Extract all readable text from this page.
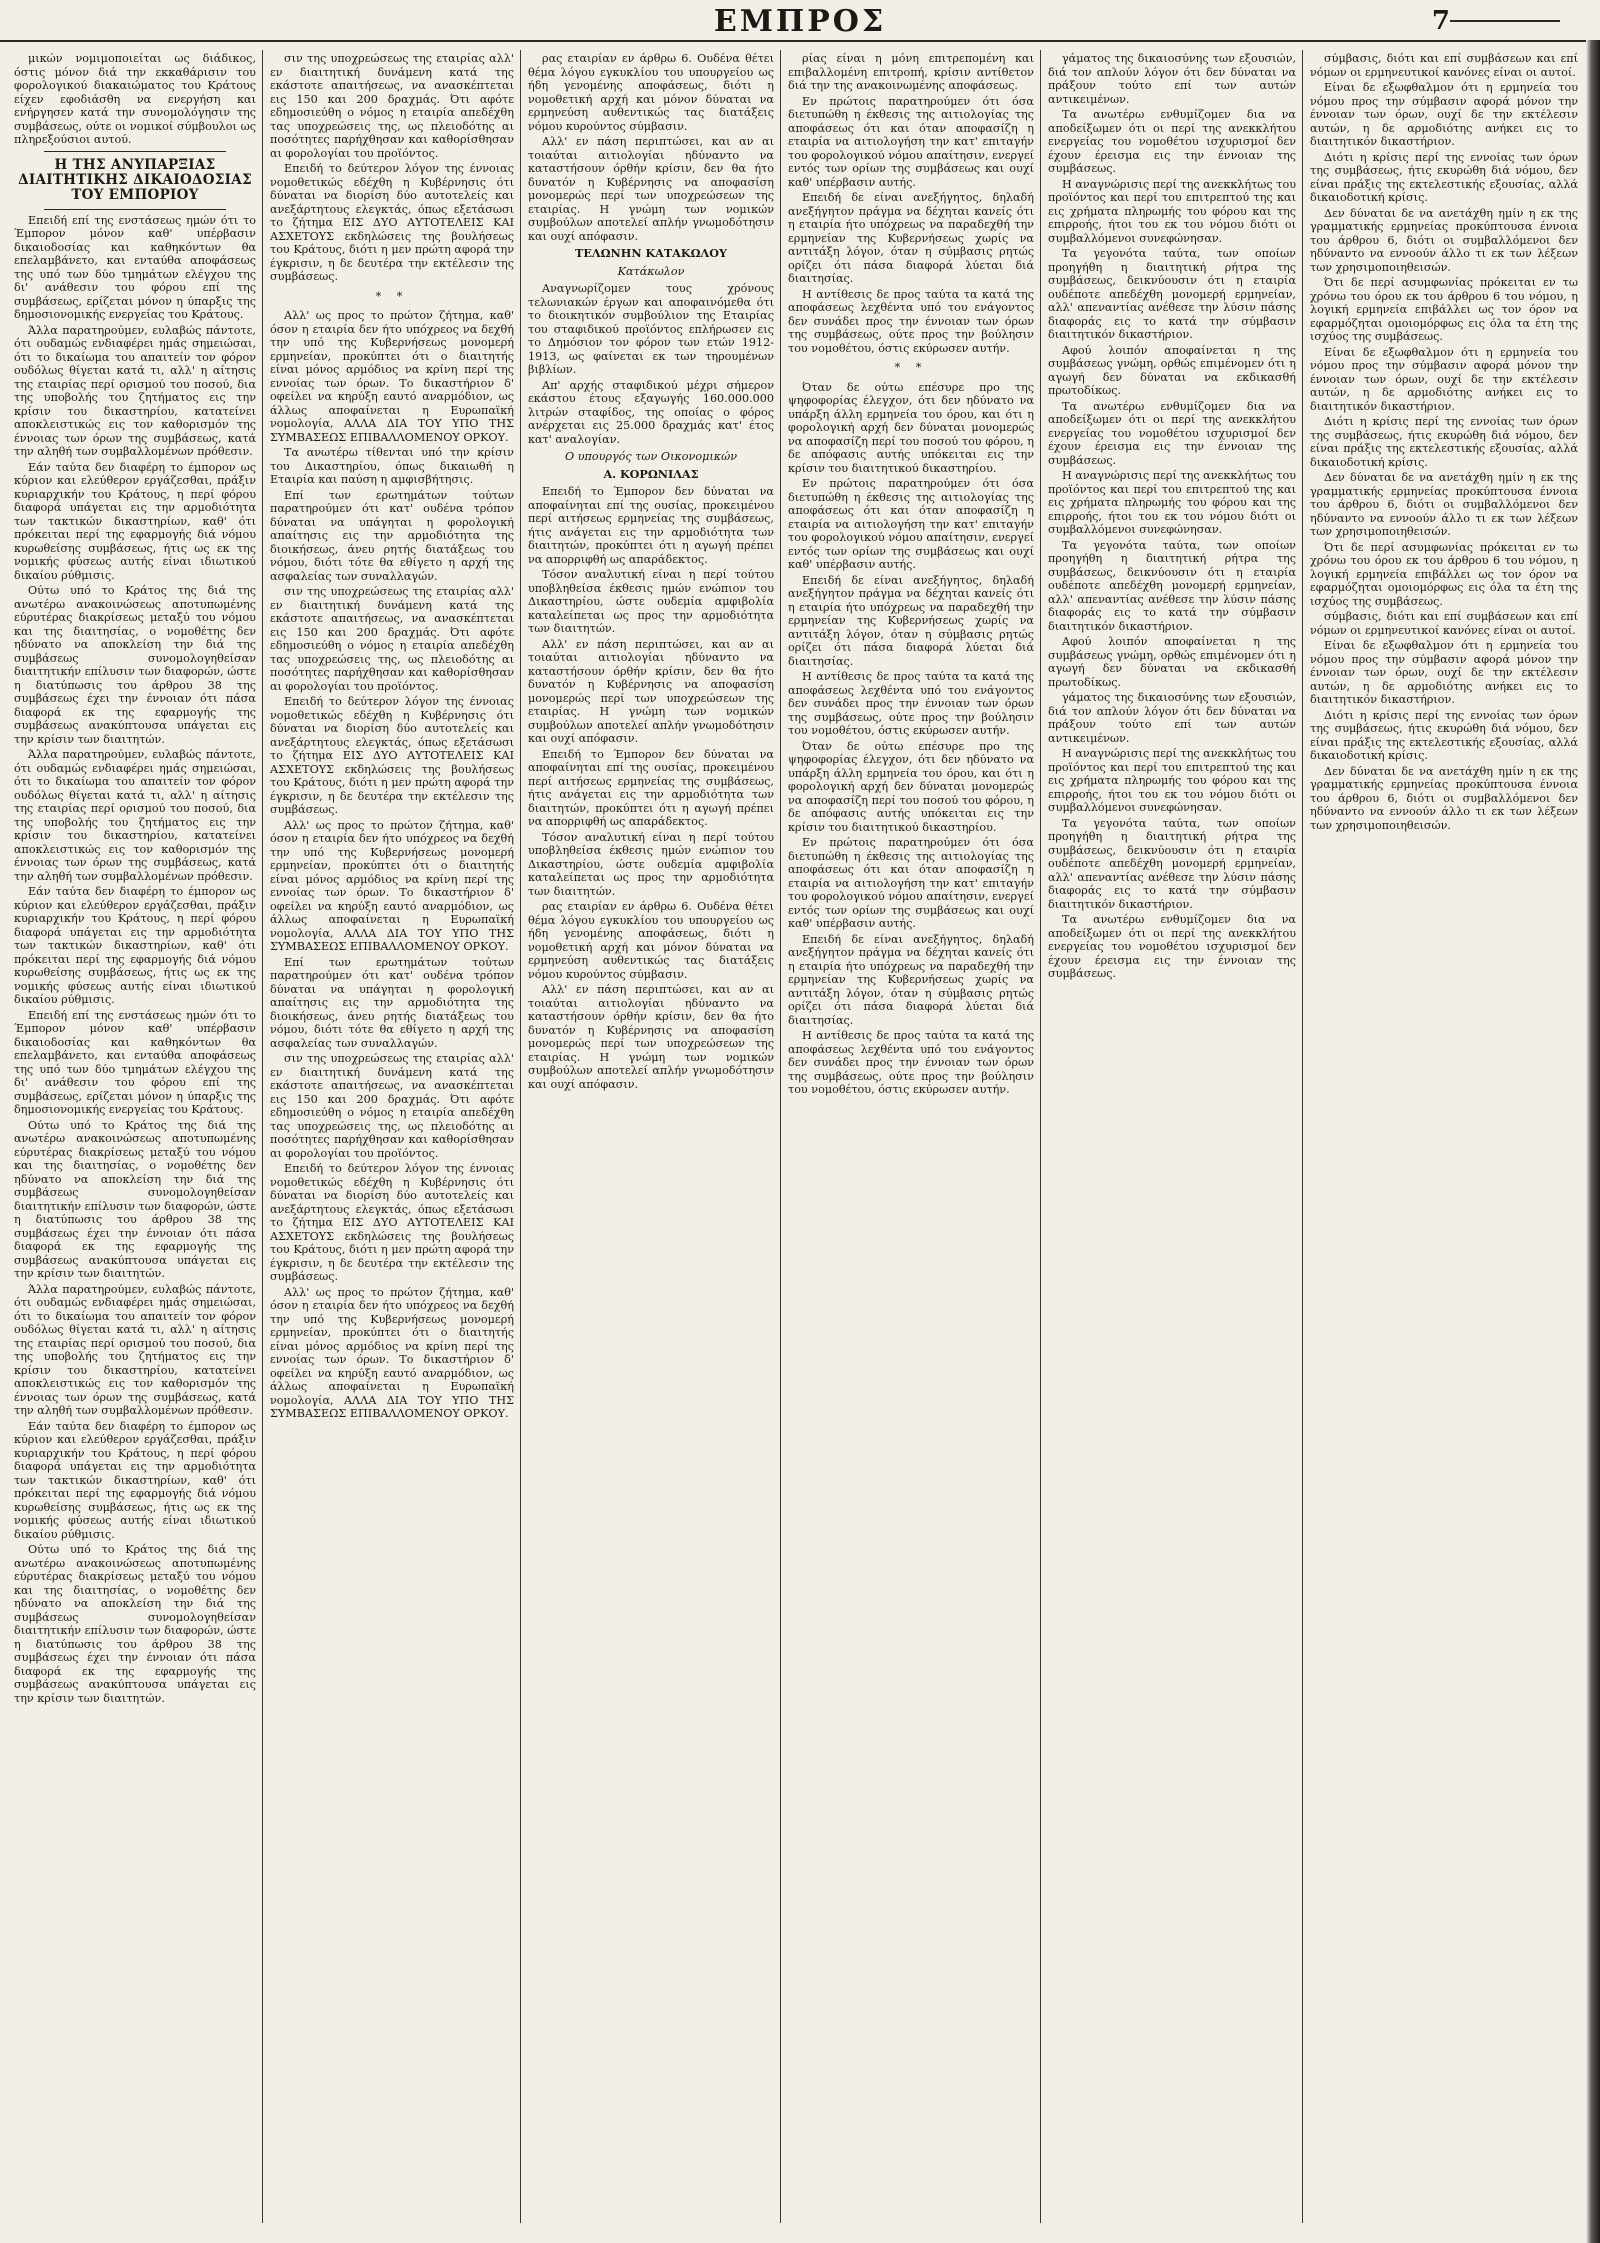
ΕΜΠΡΟΣ	7

μικών νομιμοποιείται ως διάδικος, όστις μόνον διά την εκκαθάρισιν του φορολογικού διακαιώματος του Κράτους είχεν εφοδιάσθη να ενεργήση και ενήργησεν κατά την συνομολόγησιν της συμβάσεως, ούτε οι νομικοί σύμβουλοι ως πληρεξούσιοι αυτού.

Η ΤΗΣ ΑΝΥΠΑΡΞΙΑΣ ΔΙΑΙΤΗΤΙΚΗΣ ΔΙΚΑΙΟΔΟΣΙΑΣ ΤΟΥ ΕΜΠΟΡΙΟΥ

Επειδή επί της ενστάσεως ημών ότι το Έμπορον μόνον καθ' υπέρβασιν δικαιοδοσίας και καθηκόντων θα επελαμβάνετο, και ενταύθα αποφάσεως της υπό των δύο τμημάτων ελέγχου της δι' ανάθεσιν του φόρου επί της συμβάσεως, ερίζεται μόνον η ύπαρξις της δημοσιονομικής ενεργείας του Κράτους.

Άλλα παρατηρούμεν, ευλαβώς πάντοτε, ότι ουδαμώς ενδιαφέρει ημάς σημειώσαι, ότι το δικαίωμα του απαιτείν τον φόρον ουδόλως θίγεται κατά τι, αλλ' η αίτησις της εταιρίας περί ορισμού του ποσού, δια της υποβολής του ζητήματος εις την κρίσιν του δικαστηρίου, κατατείνει αποκλειστικώς εις τον καθορισμόν της έννοιας των όρων της συμβάσεως, κατά την αληθή των συμβαλλομένων πρόθεσιν.

Εάν ταύτα δεν διαφέρη το έμπορον ως κύριον και ελεύθερον εργάζεσθαι, πράξιν κυριαρχικήν του Κράτους, η περί φόρου διαφορά υπάγεται εις την αρμοδιότητα των τακτικών δικαστηρίων, καθ' ότι πρόκειται περί της εφαρμογής διά νόμου κυρωθείσης συμβάσεως, ήτις ως εκ της νομικής φύσεως αυτής είναι ιδιωτικού δικαίου ρύθμισις.

Ούτω υπό το Κράτος της διά της ανωτέρω ανακοινώσεως αποτυπωμένης εύρυτέρας διακρίσεως μεταξύ του νόμου και της διαιτησίας, ο νομοθέτης δεν ηδύνατο να αποκλείση την διά της συμβάσεως συνομολογηθείσαν διαιτητικήν επίλυσιν των διαφορών, ώστε η διατύπωσις του άρθρου 38 της συμβάσεως έχει την έννοιαν ότι πάσα διαφορά εκ της εφαρμογής της συμβάσεως ανακύπτουσα υπάγεται εις την κρίσιν των διαιτητών.

Άλλα παρατηρούμεν, ευλαβώς πάντοτε, ότι ουδαμώς ενδιαφέρει ημάς σημειώσαι, ότι το δικαίωμα του απαιτείν τον φόρον ουδόλως θίγεται κατά τι, αλλ' η αίτησις της εταιρίας περί ορισμού του ποσού, δια της υποβολής του ζητήματος εις την κρίσιν του δικαστηρίου, κατατείνει αποκλειστικώς εις τον καθορισμόν της έννοιας των όρων της συμβάσεως, κατά την αληθή των συμβαλλομένων πρόθεσιν.

Εάν ταύτα δεν διαφέρη το έμπορον ως κύριον και ελεύθερον εργάζεσθαι, πράξιν κυριαρχικήν του Κράτους, η περί φόρου διαφορά υπάγεται εις την αρμοδιότητα των τακτικών δικαστηρίων, καθ' ότι πρόκειται περί της εφαρμογής διά νόμου κυρωθείσης συμβάσεως, ήτις ως εκ της νομικής φύσεως αυτής είναι ιδιωτικού δικαίου ρύθμισις.

Επειδή επί της ενστάσεως ημών ότι το Έμπορον μόνον καθ' υπέρβασιν δικαιοδοσίας και καθηκόντων θα επελαμβάνετο, και ενταύθα αποφάσεως της υπό των δύο τμημάτων ελέγχου της δι' ανάθεσιν του φόρου επί της συμβάσεως, ερίζεται μόνον η ύπαρξις της δημοσιονομικής ενεργείας του Κράτους.

Ούτω υπό το Κράτος της διά της ανωτέρω ανακοινώσεως αποτυπωμένης εύρυτέρας διακρίσεως μεταξύ του νόμου και της διαιτησίας, ο νομοθέτης δεν ηδύνατο να αποκλείση την διά της συμβάσεως συνομολογηθείσαν διαιτητικήν επίλυσιν των διαφορών, ώστε η διατύπωσις του άρθρου 38 της συμβάσεως έχει την έννοιαν ότι πάσα διαφορά εκ της εφαρμογής της συμβάσεως ανακύπτουσα υπάγεται εις την κρίσιν των διαιτητών.

Άλλα παρατηρούμεν, ευλαβώς πάντοτε, ότι ουδαμώς ενδιαφέρει ημάς σημειώσαι, ότι το δικαίωμα του απαιτείν τον φόρον ουδόλως θίγεται κατά τι, αλλ' η αίτησις της εταιρίας περί ορισμού του ποσού, δια της υποβολής του ζητήματος εις την κρίσιν του δικαστηρίου, κατατείνει αποκλειστικώς εις τον καθορισμόν της έννοιας των όρων της συμβάσεως, κατά την αληθή των συμβαλλομένων πρόθεσιν.

Εάν ταύτα δεν διαφέρη το έμπορον ως κύριον και ελεύθερον εργάζεσθαι, πράξιν κυριαρχικήν του Κράτους, η περί φόρου διαφορά υπάγεται εις την αρμοδιότητα των τακτικών δικαστηρίων, καθ' ότι πρόκειται περί της εφαρμογής διά νόμου κυρωθείσης συμβάσεως, ήτις ως εκ της νομικής φύσεως αυτής είναι ιδιωτικού δικαίου ρύθμισις.

Ούτω υπό το Κράτος της διά της ανωτέρω ανακοινώσεως αποτυπωμένης εύρυτέρας διακρίσεως μεταξύ του νόμου και της διαιτησίας, ο νομοθέτης δεν ηδύνατο να αποκλείση την διά της συμβάσεως συνομολογηθείσαν διαιτητικήν επίλυσιν των διαφορών, ώστε η διατύπωσις του άρθρου 38 της συμβάσεως έχει την έννοιαν ότι πάσα διαφορά εκ της εφαρμογής της συμβάσεως ανακύπτουσα υπάγεται εις την κρίσιν των διαιτητών.

σιν της υποχρεώσεως της εταιρίας αλλ' εν διαιτητική δυνάμενη κατά της εκάστοτε απαιτήσεως, να ανασκέπτεται εις 150 και 200 δραχμάς. Ότι αφότε εδημοσιεύθη ο νόμος η εταιρία απεδέχθη τας υποχρεώσεις της, ως πλειοδότης αι ποσότητες παρήχθησαν και καθορίσθησαν αι φορολογίαι του προϊόντος.

Επειδή το δεύτερον λόγον της έννοιας νομοθετικώς εδέχθη η Κυβέρνησις ότι δύναται να διορίση δύο αυτοτελείς και ανεξάρτητους ελεγκτάς, όπως εξετάσωσι το ζήτημα ΕΙΣ ΔΥΟ ΑΥΤΟΤΕΛΕΙΣ ΚΑΙ ΑΣΧΕΤΟΥΣ εκδηλώσεις της βουλήσεως του Κράτους, διότι η μεν πρώτη αφορά την έγκρισιν, η δε δευτέρα την εκτέλεσιν της συμβάσεως.

* *

Αλλ' ως προς το πρώτον ζήτημα, καθ' όσον η εταιρία δεν ήτο υπόχρεος να δεχθή την υπό της Κυβερνήσεως μονομερή ερμηνείαν, προκύπτει ότι ο διαιτητής είναι μόνος αρμόδιος να κρίνη περί της εννοίας των όρων. Το δικαστήριον δ' οφείλει να κηρύξη εαυτό αναρμόδιον, ως άλλως αποφαίνεται η Ευρωπαϊκή νομολογία, ΑΛΛΑ ΔΙΑ ΤΟΥ ΥΠΟ ΤΗΣ ΣΥΜΒΑΣΕΩΣ ΕΠΙΒΑΛΛΟΜΕΝΟΥ ΟΡΚΟΥ.

Τα ανωτέρω τίθενται υπό την κρίσιν του Δικαστηρίου, όπως δικαιωθή η Εταιρία και παύση η αμφισβήτησις.

Επί των ερωτημάτων τούτων παρατηρούμεν ότι κατ' ουδένα τρόπον δύναται να υπάγηται η φορολογική απαίτησις εις την αρμοδιότητα της διοικήσεως, άνευ ρητής διατάξεως του νόμου, διότι τότε θα εθίγετο η αρχή της ασφαλείας των συναλλαγών.

σιν της υποχρεώσεως της εταιρίας αλλ' εν διαιτητική δυνάμενη κατά της εκάστοτε απαιτήσεως, να ανασκέπτεται εις 150 και 200 δραχμάς. Ότι αφότε εδημοσιεύθη ο νόμος η εταιρία απεδέχθη τας υποχρεώσεις της, ως πλειοδότης αι ποσότητες παρήχθησαν και καθορίσθησαν αι φορολογίαι του προϊόντος.

Επειδή το δεύτερον λόγον της έννοιας νομοθετικώς εδέχθη η Κυβέρνησις ότι δύναται να διορίση δύο αυτοτελείς και ανεξάρτητους ελεγκτάς, όπως εξετάσωσι το ζήτημα ΕΙΣ ΔΥΟ ΑΥΤΟΤΕΛΕΙΣ ΚΑΙ ΑΣΧΕΤΟΥΣ εκδηλώσεις της βουλήσεως του Κράτους, διότι η μεν πρώτη αφορά την έγκρισιν, η δε δευτέρα την εκτέλεσιν της συμβάσεως.

Αλλ' ως προς το πρώτον ζήτημα, καθ' όσον η εταιρία δεν ήτο υπόχρεος να δεχθή την υπό της Κυβερνήσεως μονομερή ερμηνείαν, προκύπτει ότι ο διαιτητής είναι μόνος αρμόδιος να κρίνη περί της εννοίας των όρων. Το δικαστήριον δ' οφείλει να κηρύξη εαυτό αναρμόδιον, ως άλλως αποφαίνεται η Ευρωπαϊκή νομολογία, ΑΛΛΑ ΔΙΑ ΤΟΥ ΥΠΟ ΤΗΣ ΣΥΜΒΑΣΕΩΣ ΕΠΙΒΑΛΛΟΜΕΝΟΥ ΟΡΚΟΥ.

Επί των ερωτημάτων τούτων παρατηρούμεν ότι κατ' ουδένα τρόπον δύναται να υπάγηται η φορολογική απαίτησις εις την αρμοδιότητα της διοικήσεως, άνευ ρητής διατάξεως του νόμου, διότι τότε θα εθίγετο η αρχή της ασφαλείας των συναλλαγών.

σιν της υποχρεώσεως της εταιρίας αλλ' εν διαιτητική δυνάμενη κατά της εκάστοτε απαιτήσεως, να ανασκέπτεται εις 150 και 200 δραχμάς. Ότι αφότε εδημοσιεύθη ο νόμος η εταιρία απεδέχθη τας υποχρεώσεις της, ως πλειοδότης αι ποσότητες παρήχθησαν και καθορίσθησαν αι φορολογίαι του προϊόντος.

Επειδή το δεύτερον λόγον της έννοιας νομοθετικώς εδέχθη η Κυβέρνησις ότι δύναται να διορίση δύο αυτοτελείς και ανεξάρτητους ελεγκτάς, όπως εξετάσωσι το ζήτημα ΕΙΣ ΔΥΟ ΑΥΤΟΤΕΛΕΙΣ ΚΑΙ ΑΣΧΕΤΟΥΣ εκδηλώσεις της βουλήσεως του Κράτους, διότι η μεν πρώτη αφορά την έγκρισιν, η δε δευτέρα την εκτέλεσιν της συμβάσεως.

Αλλ' ως προς το πρώτον ζήτημα, καθ' όσον η εταιρία δεν ήτο υπόχρεος να δεχθή την υπό της Κυβερνήσεως μονομερή ερμηνείαν, προκύπτει ότι ο διαιτητής είναι μόνος αρμόδιος να κρίνη περί της εννοίας των όρων. Το δικαστήριον δ' οφείλει να κηρύξη εαυτό αναρμόδιον, ως άλλως αποφαίνεται η Ευρωπαϊκή νομολογία, ΑΛΛΑ ΔΙΑ ΤΟΥ ΥΠΟ ΤΗΣ ΣΥΜΒΑΣΕΩΣ ΕΠΙΒΑΛΛΟΜΕΝΟΥ ΟΡΚΟΥ.

ρας εταιρίαν εν άρθρω 6. Ουδένα θέτει θέμα λόγου εγκυκλίου του υπουργείου ως ήδη γενομένης αποφάσεως, διότι η νομοθετική αρχή και μόνον δύναται να ερμηνεύση αυθεντικώς τας διατάξεις νόμου κυρούντος σύμβασιν.

Αλλ' εν πάση περιπτώσει, και αν αι τοιαύται αιτιολογίαι ηδύναντο να καταστήσουν όρθήν κρίσιν, δεν θα ήτο δυνατόν η Κυβέρνησις να αποφασίση μονομερώς περί των υποχρεώσεων της εταιρίας. Η γνώμη των νομικών συμβούλων αποτελεί απλήν γνωμοδότησιν και ουχί απόφασιν.

ΤΕΛΩΝΗΝ ΚΑΤΑΚΩΛΟΥ
Κατάκωλον

Αναγνωρίζομεν τους χρόνους τελωνιακών έργων και αποφαινόμεθα ότι το διοικητικόν συμβούλιον της Εταιρίας του σταφιδικού προϊόντος επλήρωσεν εις το Δημόσιον τον φόρον των ετών 1912-1913, ως φαίνεται εκ των τηρουμένων βιβλίων.

Απ' αρχής σταφιδικού μέχρι σήμερον εκάστου έτους εξαγωγής 160.000.000 λιτρών σταφίδος, της οποίας ο φόρος ανέρχεται εις 25.000 δραχμάς κατ' έτος κατ' αναλογίαν.

Ο υπουργός των Οικονομικών
Α. ΚΟΡΩΝΙΛΑΣ

Επειδή το Έμπορον δεν δύναται να αποφαίνηται επί της ουσίας, προκειμένου περί αιτήσεως ερμηνείας της συμβάσεως, ήτις ανάγεται εις την αρμοδιότητα των διαιτητών, προκύπτει ότι η αγωγή πρέπει να απορριφθή ως απαράδεκτος.

Τόσον αναλυτική είναι η περί τούτου υποβληθείσα έκθεσις ημών ενώπιον του Δικαστηρίου, ώστε ουδεμία αμφιβολία καταλείπεται ως προς την αρμοδιότητα των διαιτητών.

Αλλ' εν πάση περιπτώσει, και αν αι τοιαύται αιτιολογίαι ηδύναντο να καταστήσουν όρθήν κρίσιν, δεν θα ήτο δυνατόν η Κυβέρνησις να αποφασίση μονομερώς περί των υποχρεώσεων της εταιρίας. Η γνώμη των νομικών συμβούλων αποτελεί απλήν γνωμοδότησιν και ουχί απόφασιν.

Επειδή το Έμπορον δεν δύναται να αποφαίνηται επί της ουσίας, προκειμένου περί αιτήσεως ερμηνείας της συμβάσεως, ήτις ανάγεται εις την αρμοδιότητα των διαιτητών, προκύπτει ότι η αγωγή πρέπει να απορριφθή ως απαράδεκτος.

Τόσον αναλυτική είναι η περί τούτου υποβληθείσα έκθεσις ημών ενώπιον του Δικαστηρίου, ώστε ουδεμία αμφιβολία καταλείπεται ως προς την αρμοδιότητα των διαιτητών.

ρας εταιρίαν εν άρθρω 6. Ουδένα θέτει θέμα λόγου εγκυκλίου του υπουργείου ως ήδη γενομένης αποφάσεως, διότι η νομοθετική αρχή και μόνον δύναται να ερμηνεύση αυθεντικώς τας διατάξεις νόμου κυρούντος σύμβασιν.

Αλλ' εν πάση περιπτώσει, και αν αι τοιαύται αιτιολογίαι ηδύναντο να καταστήσουν όρθήν κρίσιν, δεν θα ήτο δυνατόν η Κυβέρνησις να αποφασίση μονομερώς περί των υποχρεώσεων της εταιρίας. Η γνώμη των νομικών συμβούλων αποτελεί απλήν γνωμοδότησιν και ουχί απόφασιν.

ρίας είναι η μόνη επιτρεπομένη και επιβαλλομένη επιτροπή, κρίσιν αντίθετον διά την της ανακοινωμένης αποφάσεως.

Εν πρώτοις παρατηρούμεν ότι όσα διετυπώθη η έκθεσις της αιτιολογίας της αποφάσεως ότι και όταν αποφασίζη η εταιρία να αιτιολογήση την κατ' επιταγήν του φορολογικού νόμου απαίτησιν, ενεργεί εντός των ορίων της συμβάσεως και ουχί καθ' υπέρβασιν αυτής.

Επειδή δε είναι ανεξήγητος, δηλαδή ανεξήγητον πράγμα να δέχηται κανείς ότι η εταιρία ήτο υπόχρεως να παραδεχθή την ερμηνείαν της Κυβερνήσεως χωρίς να αντιτάξη λόγον, όταν η σύμβασις ρητώς ορίζει ότι πάσα διαφορά λύεται διά διαιτησίας.

Η αντίθεσις δε προς ταύτα τα κατά της αποφάσεως λεχθέντα υπό του ενάγοντος δεν συνάδει προς την έννοιαν των όρων της συμβάσεως, ούτε προς την βούλησιν του νομοθέτου, όστις εκύρωσεν αυτήν.

* *

Όταν δε ούτω επέσυρε προ της ψηφοφορίας έλεγχον, ότι δεν ηδύνατο να υπάρξη άλλη ερμηνεία του όρου, και ότι η φορολογική αρχή δεν δύναται μονομερώς να αποφασίζη περί του ποσού του φόρου, η δε απόφασις αυτής υπόκειται εις την κρίσιν του διαιτητικού δικαστηρίου.

Εν πρώτοις παρατηρούμεν ότι όσα διετυπώθη η έκθεσις της αιτιολογίας της αποφάσεως ότι και όταν αποφασίζη η εταιρία να αιτιολογήση την κατ' επιταγήν του φορολογικού νόμου απαίτησιν, ενεργεί εντός των ορίων της συμβάσεως και ουχί καθ' υπέρβασιν αυτής.

Επειδή δε είναι ανεξήγητος, δηλαδή ανεξήγητον πράγμα να δέχηται κανείς ότι η εταιρία ήτο υπόχρεως να παραδεχθή την ερμηνείαν της Κυβερνήσεως χωρίς να αντιτάξη λόγον, όταν η σύμβασις ρητώς ορίζει ότι πάσα διαφορά λύεται διά διαιτησίας.

Η αντίθεσις δε προς ταύτα τα κατά της αποφάσεως λεχθέντα υπό του ενάγοντος δεν συνάδει προς την έννοιαν των όρων της συμβάσεως, ούτε προς την βούλησιν του νομοθέτου, όστις εκύρωσεν αυτήν.

Όταν δε ούτω επέσυρε προ της ψηφοφορίας έλεγχον, ότι δεν ηδύνατο να υπάρξη άλλη ερμηνεία του όρου, και ότι η φορολογική αρχή δεν δύναται μονομερώς να αποφασίζη περί του ποσού του φόρου, η δε απόφασις αυτής υπόκειται εις την κρίσιν του διαιτητικού δικαστηρίου.

Εν πρώτοις παρατηρούμεν ότι όσα διετυπώθη η έκθεσις της αιτιολογίας της αποφάσεως ότι και όταν αποφασίζη η εταιρία να αιτιολογήση την κατ' επιταγήν του φορολογικού νόμου απαίτησιν, ενεργεί εντός των ορίων της συμβάσεως και ουχί καθ' υπέρβασιν αυτής.

Επειδή δε είναι ανεξήγητος, δηλαδή ανεξήγητον πράγμα να δέχηται κανείς ότι η εταιρία ήτο υπόχρεως να παραδεχθή την ερμηνείαν της Κυβερνήσεως χωρίς να αντιτάξη λόγον, όταν η σύμβασις ρητώς ορίζει ότι πάσα διαφορά λύεται διά διαιτησίας.

Η αντίθεσις δε προς ταύτα τα κατά της αποφάσεως λεχθέντα υπό του ενάγοντος δεν συνάδει προς την έννοιαν των όρων της συμβάσεως, ούτε προς την βούλησιν του νομοθέτου, όστις εκύρωσεν αυτήν.

γάματος της δικαιοσύνης των εξουσιών, διά τον απλούν λόγον ότι δεν δύναται να πράξουν τούτο επί των αυτών αντικειμένων.

Τα ανωτέρω ενθυμίζομεν δια να αποδείξωμεν ότι οι περί της ανεκκλήτου ενεργείας του νομοθέτου ισχυρισμοί δεν έχουν έρεισμα εις την έννοιαν της συμβάσεως.

Η αναγνώρισις περί της ανεκκλήτως του προϊόντος και περί του επιτρεπτού της και εις χρήματα πληρωμής του φόρου και της επιρροής, ήτοι του εκ του νόμου διότι οι συμβαλλόμενοι συνεφώνησαν.

Τα γεγονότα ταύτα, των οποίων προηγήθη η διαιτητική ρήτρα της συμβάσεως, δεικνύουσιν ότι η εταιρία ουδέποτε απεδέχθη μονομερή ερμηνείαν, αλλ' απεναντίας ανέθεσε την λύσιν πάσης διαφοράς εις το κατά την σύμβασιν διαιτητικόν δικαστήριον.

Αφού λοιπόν αποφαίνεται η της συμβάσεως γνώμη, ορθώς επιμένομεν ότι η αγωγή δεν δύναται να εκδικασθή πρωτοδίκως.

Τα ανωτέρω ενθυμίζομεν δια να αποδείξωμεν ότι οι περί της ανεκκλήτου ενεργείας του νομοθέτου ισχυρισμοί δεν έχουν έρεισμα εις την έννοιαν της συμβάσεως.

Η αναγνώρισις περί της ανεκκλήτως του προϊόντος και περί του επιτρεπτού της και εις χρήματα πληρωμής του φόρου και της επιρροής, ήτοι του εκ του νόμου διότι οι συμβαλλόμενοι συνεφώνησαν.

Τα γεγονότα ταύτα, των οποίων προηγήθη η διαιτητική ρήτρα της συμβάσεως, δεικνύουσιν ότι η εταιρία ουδέποτε απεδέχθη μονομερή ερμηνείαν, αλλ' απεναντίας ανέθεσε την λύσιν πάσης διαφοράς εις το κατά την σύμβασιν διαιτητικόν δικαστήριον.

Αφού λοιπόν αποφαίνεται η της συμβάσεως γνώμη, ορθώς επιμένομεν ότι η αγωγή δεν δύναται να εκδικασθή πρωτοδίκως.

γάματος της δικαιοσύνης των εξουσιών, διά τον απλούν λόγον ότι δεν δύναται να πράξουν τούτο επί των αυτών αντικειμένων.

Η αναγνώρισις περί της ανεκκλήτως του προϊόντος και περί του επιτρεπτού της και εις χρήματα πληρωμής του φόρου και της επιρροής, ήτοι του εκ του νόμου διότι οι συμβαλλόμενοι συνεφώνησαν.

Τα γεγονότα ταύτα, των οποίων προηγήθη η διαιτητική ρήτρα της συμβάσεως, δεικνύουσιν ότι η εταιρία ουδέποτε απεδέχθη μονομερή ερμηνείαν, αλλ' απεναντίας ανέθεσε την λύσιν πάσης διαφοράς εις το κατά την σύμβασιν διαιτητικόν δικαστήριον.

Τα ανωτέρω ενθυμίζομεν δια να αποδείξωμεν ότι οι περί της ανεκκλήτου ενεργείας του νομοθέτου ισχυρισμοί δεν έχουν έρεισμα εις την έννοιαν της συμβάσεως.

σύμβασις, διότι και επί συμβάσεων και επί νόμων οι ερμηνευτικοί κανόνες είναι οι αυτοί.

Είναι δε εξωφθαλμον ότι η ερμηνεία του νόμου προς την σύμβασιν αφορά μόνον την έννοιαν των όρων, ουχί δε την εκτέλεσιν αυτών, η δε αρμοδιότης ανήκει εις το διαιτητικόν δικαστήριον.

Διότι η κρίσις περί της εννοίας των όρων της συμβάσεως, ήτις εκυρώθη διά νόμου, δεν είναι πράξις της εκτελεστικής εξουσίας, αλλά δικαιοδοτική κρίσις.

Δεν δύναται δε να ανετάχθη ημίν η εκ της γραμματικής ερμηνείας προκύπτουσα έννοια του άρθρου 6, διότι οι συμβαλλόμενοι δεν ηδύναντο να εννοούν άλλο τι εκ των λέξεων των χρησιμοποιηθεισών.

Ότι δε περί ασυμφωνίας πρόκειται εν τω χρόνω του όρου εκ του άρθρου 6 του νόμου, η λογική ερμηνεία επιβάλλει ως τον όρον να εφαρμόζηται ομοιομόρφως εις όλα τα έτη της ισχύος της συμβάσεως.

Είναι δε εξωφθαλμον ότι η ερμηνεία του νόμου προς την σύμβασιν αφορά μόνον την έννοιαν των όρων, ουχί δε την εκτέλεσιν αυτών, η δε αρμοδιότης ανήκει εις το διαιτητικόν δικαστήριον.

Διότι η κρίσις περί της εννοίας των όρων της συμβάσεως, ήτις εκυρώθη διά νόμου, δεν είναι πράξις της εκτελεστικής εξουσίας, αλλά δικαιοδοτική κρίσις.

Δεν δύναται δε να ανετάχθη ημίν η εκ της γραμματικής ερμηνείας προκύπτουσα έννοια του άρθρου 6, διότι οι συμβαλλόμενοι δεν ηδύναντο να εννοούν άλλο τι εκ των λέξεων των χρησιμοποιηθεισών.

Ότι δε περί ασυμφωνίας πρόκειται εν τω χρόνω του όρου εκ του άρθρου 6 του νόμου, η λογική ερμηνεία επιβάλλει ως τον όρον να εφαρμόζηται ομοιομόρφως εις όλα τα έτη της ισχύος της συμβάσεως.

σύμβασις, διότι και επί συμβάσεων και επί νόμων οι ερμηνευτικοί κανόνες είναι οι αυτοί.

Είναι δε εξωφθαλμον ότι η ερμηνεία του νόμου προς την σύμβασιν αφορά μόνον την έννοιαν των όρων, ουχί δε την εκτέλεσιν αυτών, η δε αρμοδιότης ανήκει εις το διαιτητικόν δικαστήριον.

Διότι η κρίσις περί της εννοίας των όρων της συμβάσεως, ήτις εκυρώθη διά νόμου, δεν είναι πράξις της εκτελεστικής εξουσίας, αλλά δικαιοδοτική κρίσις.

Δεν δύναται δε να ανετάχθη ημίν η εκ της γραμματικής ερμηνείας προκύπτουσα έννοια του άρθρου 6, διότι οι συμβαλλόμενοι δεν ηδύναντο να εννοούν άλλο τι εκ των λέξεων των χρησιμοποιηθεισών.
